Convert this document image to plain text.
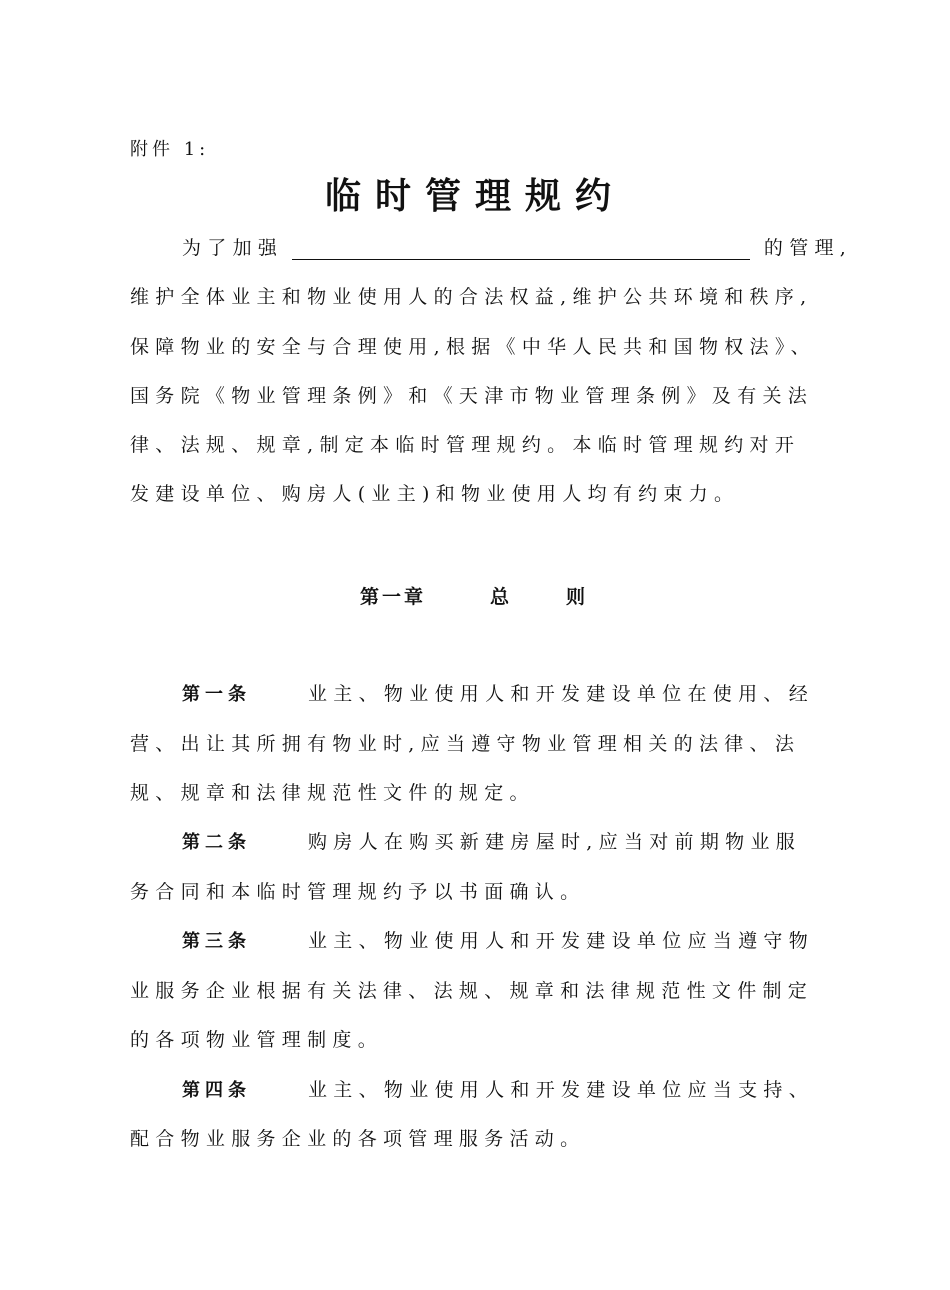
附件 1:
临时管理规约
为了加强	的管理,
维护全体业主和物业使用人的合法权益,维护公共环境和秩序,
保障物业的安全与合理使用,根据《中华人民共和国物权法》、
国务院《物业管理条例》和《天津市物业管理条例》及有关法
律、法规、规章,制定本临时管理规约。本临时管理规约对开
发建设单位、购房人(业主)和物业使用人均有约束力。
第一章	总	则
第一条	业主、物业使用人和开发建设单位在使用、经
营、出让其所拥有物业时,应当遵守物业管理相关的法律、法
规、规章和法律规范性文件的规定。
第二条	购房人在购买新建房屋时,应当对前期物业服
务合同和本临时管理规约予以书面确认。
第三条	业主、物业使用人和开发建设单位应当遵守物
业服务企业根据有关法律、法规、规章和法律规范性文件制定
的各项物业管理制度。
第四条	业主、物业使用人和开发建设单位应当支持、
配合物业服务企业的各项管理服务活动。
